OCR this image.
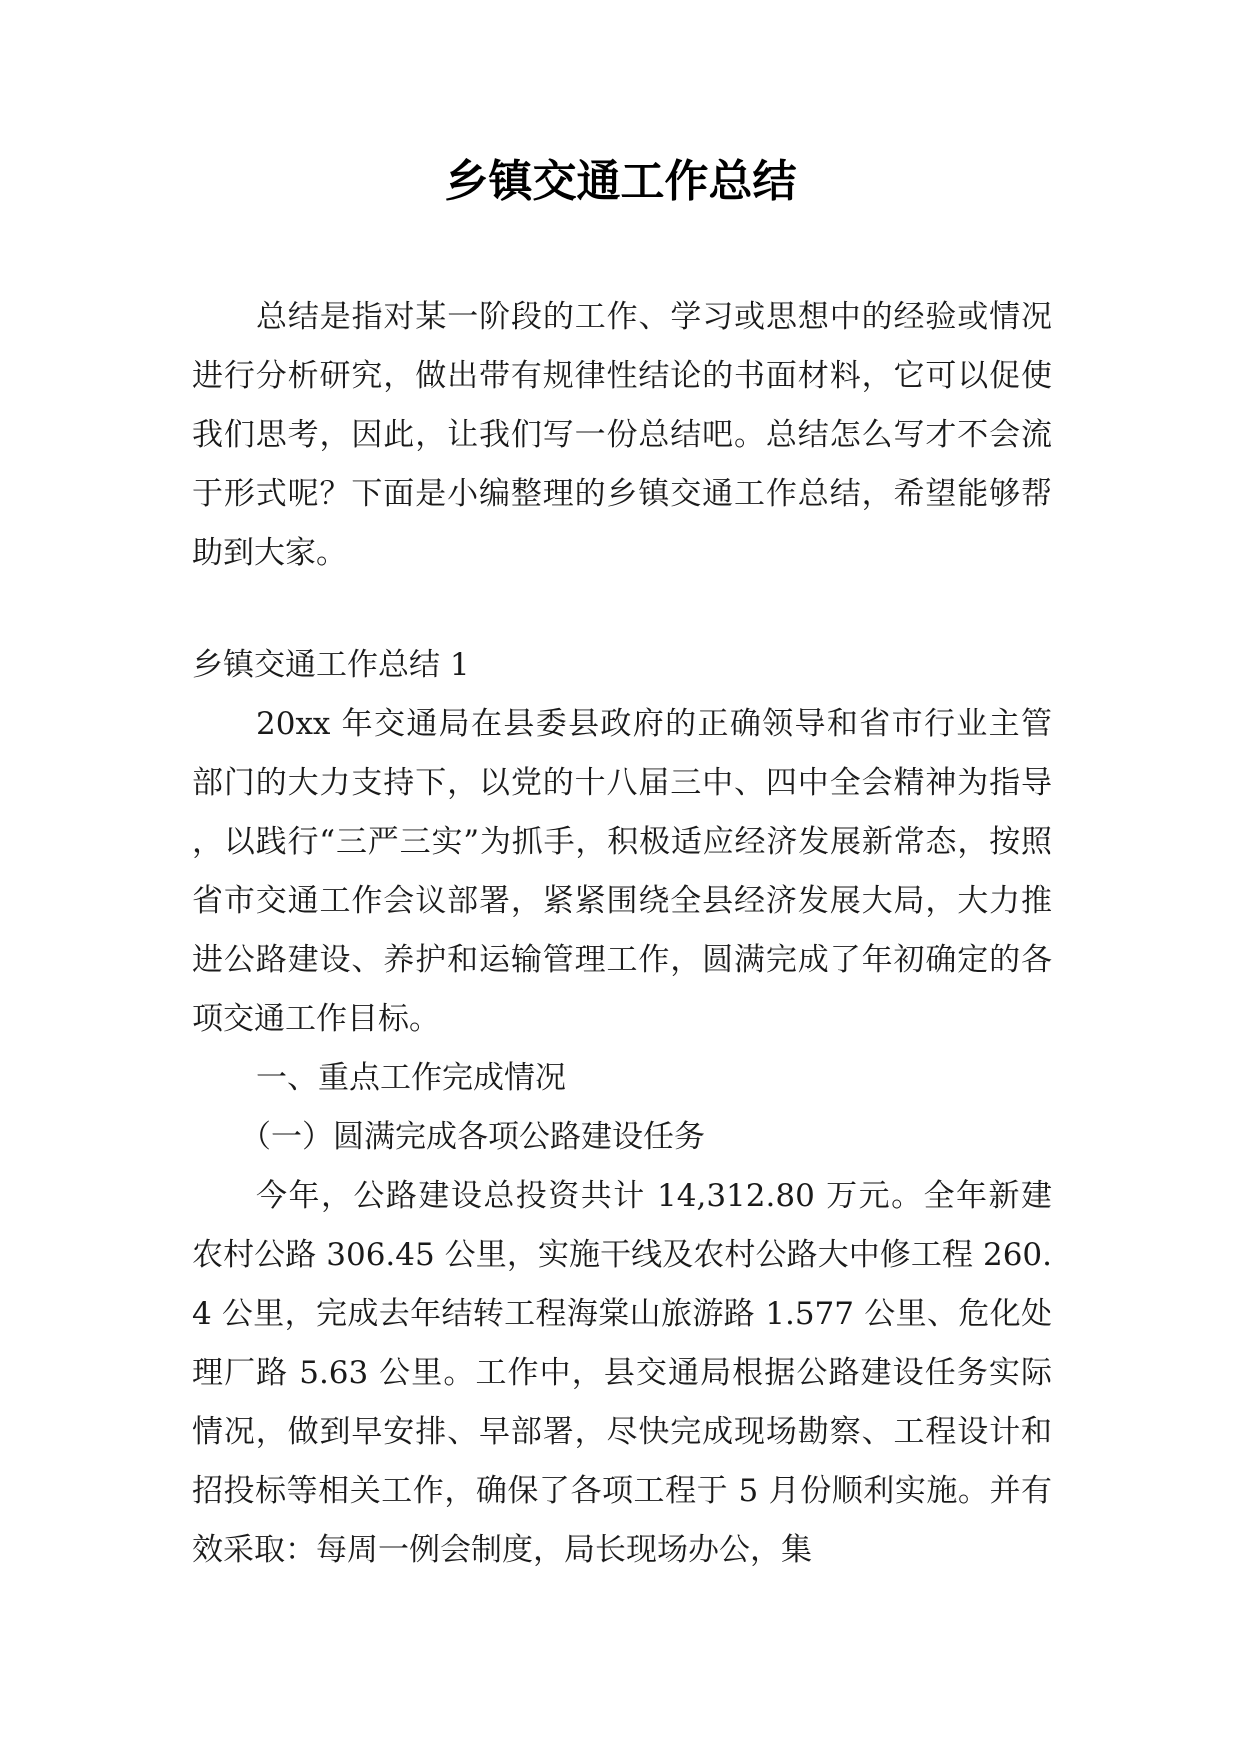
乡镇交通工作总结

总结是指对某一阶段的工作、学习或思想中的经验或情况进行分析研究，做出带有规律性结论的书面材料，它可以促使我们思考，因此，让我们写一份总结吧。总结怎么写才不会流于形式呢？下面是小编整理的乡镇交通工作总结，希望能够帮助到大家。

乡镇交通工作总结 1

20xx 年交通局在县委县政府的正确领导和省市行业主管部门的大力支持下，以党的十八届三中、四中全会精神为指导，以践行“三严三实”为抓手，积极适应经济发展新常态，按照省市交通工作会议部署，紧紧围绕全县经济发展大局，大力推进公路建设、养护和运输管理工作，圆满完成了年初确定的各项交通工作目标。

一、重点工作完成情况

（一）圆满完成各项公路建设任务

今年，公路建设总投资共计 14,312.80 万元。全年新建农村公路 306.45 公里，实施干线及农村公路大中修工程 260.4 公里，完成去年结转工程海棠山旅游路 1.577 公里、危化处理厂路 5.63 公里。工作中，县交通局根据公路建设任务实际情况，做到早安排、早部署，尽快完成现场勘察、工程设计和招投标等相关工作，确保了各项工程于 5 月份顺利实施。并有效采取：每周一例会制度，局长现场办公，集
